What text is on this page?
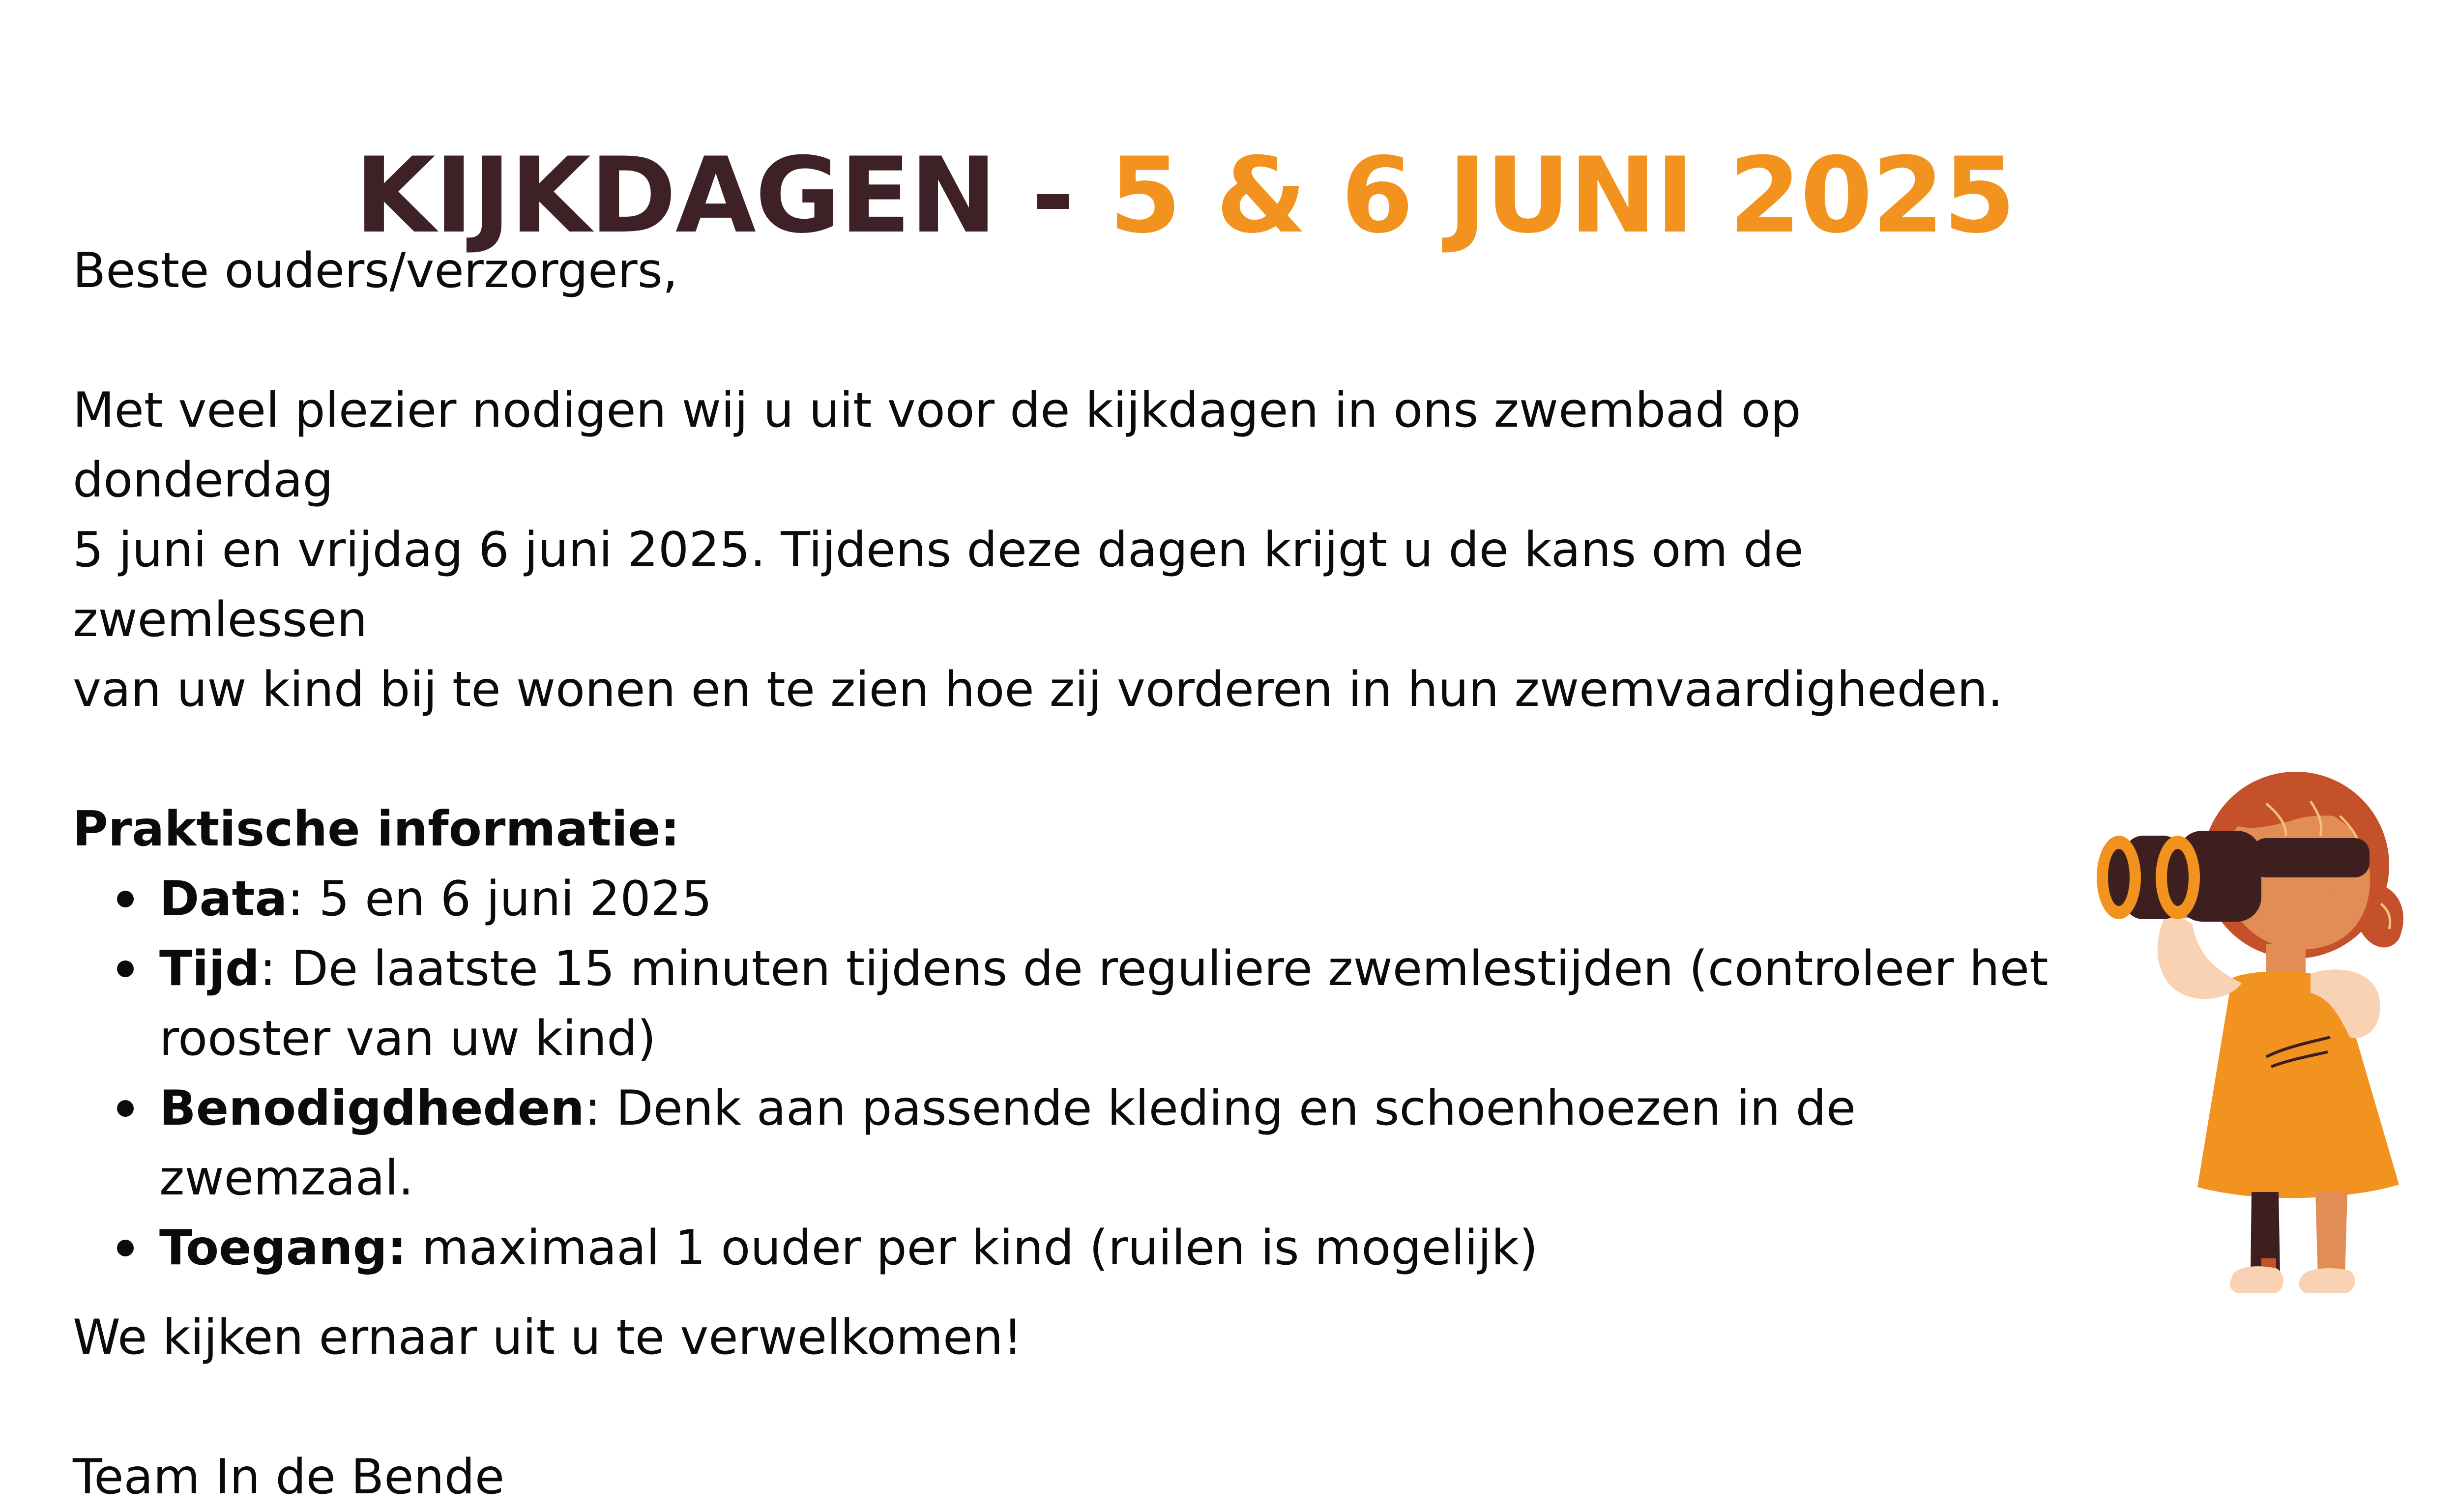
KIJKDAGEN - 5 & 6 JUNI 2025

Beste ouders/verzorgers,

Met veel plezier nodigen wij u uit voor de kijkdagen in ons zwembad op donderdag
5 juni en vrijdag 6 juni 2025. Tijdens deze dagen krijgt u de kans om de zwemlessen
van uw kind bij te wonen en te zien hoe zij vorderen in hun zwemvaardigheden.

Praktische informatie:

Data: 5 en 6 juni 2025
Tijd: De laatste 15 minuten tijdens de reguliere zwemlestijden (controleer het
rooster van uw kind)
Benodigdheden: Denk aan passende kleding en schoenhoezen in de zwemzaal.
Toegang: maximaal 1 ouder per kind (ruilen is mogelijk)

We kijken ernaar uit u te verwelkomen!

Team In de Bende
